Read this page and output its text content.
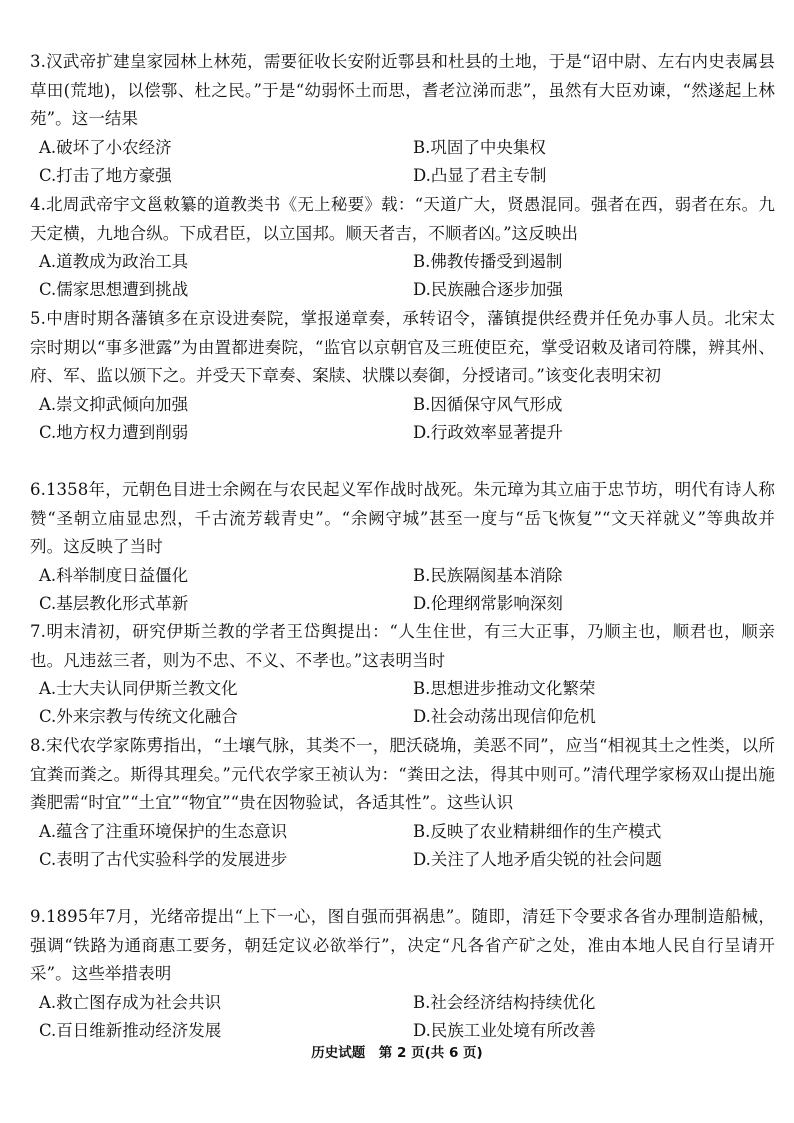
3.汉武帝扩建皇家园林上林苑，需要征收长安附近鄠县和杜县的土地，于是“诏中尉、左右内史表属县草田(荒地)，以偿鄠、杜之民。”于是“幼弱怀土而思，耆老泣涕而悲”，虽然有大臣劝谏，“然遂起上林苑”。这一结果

A.破坏了小农经济	B.巩固了中央集权
C.打击了地方豪强	D.凸显了君主专制

4.北周武帝宇文邕敕纂的道教类书《无上秘要》载：“天道广大，贤愚混同。强者在西，弱者在东。九天定横，九地合纵。下成君臣，以立国邦。顺天者吉，不顺者凶。”这反映出

A.道教成为政治工具	B.佛教传播受到遏制
C.儒家思想遭到挑战	D.民族融合逐步加强

5.中唐时期各藩镇多在京设进奏院，掌报递章奏，承转诏令，藩镇提供经费并任免办事人员。北宋太宗时期以“事多泄露”为由置都进奏院，“监官以京朝官及三班使臣充，掌受诏敕及诸司符牒，辨其州、府、军、监以颁下之。并受天下章奏、案牍、状牒以奏御，分授诸司。”该变化表明宋初

A.崇文抑武倾向加强	B.因循保守风气形成
C.地方权力遭到削弱	D.行政效率显著提升

6.1358年，元朝色目进士余阙在与农民起义军作战时战死。朱元璋为其立庙于忠节坊，明代有诗人称赞“圣朝立庙显忠烈，千古流芳载青史”。“余阙守城”甚至一度与“岳飞恢复”“文天祥就义”等典故并列。这反映了当时

A.科举制度日益僵化	B.民族隔阂基本消除
C.基层教化形式革新	D.伦理纲常影响深刻

7.明末清初，研究伊斯兰教的学者王岱舆提出：“人生住世，有三大正事，乃顺主也，顺君也，顺亲也。凡违兹三者，则为不忠、不义、不孝也。”这表明当时

A.士大夫认同伊斯兰教文化	B.思想进步推动文化繁荣
C.外来宗教与传统文化融合	D.社会动荡出现信仰危机

8.宋代农学家陈旉指出，“土壤气脉，其类不一，肥沃硗埆，美恶不同”，应当“相视其土之性类，以所宜粪而粪之。斯得其理矣。”元代农学家王祯认为：“粪田之法，得其中则可。”清代理学家杨双山提出施粪肥需“时宜”“土宜”“物宜”“贵在因物验试，各适其性”。这些认识

A.蕴含了注重环境保护的生态意识	B.反映了农业精耕细作的生产模式
C.表明了古代实验科学的发展进步	D.关注了人地矛盾尖锐的社会问题

9.1895年7月，光绪帝提出“上下一心，图自强而弭祸患”。随即，清廷下令要求各省办理制造船械，强调“铁路为通商惠工要务，朝廷定议必欲举行”，决定“凡各省产矿之处，准由本地人民自行呈请开采”。这些举措表明

A.救亡图存成为社会共识	B.社会经济结构持续优化
C.百日维新推动经济发展	D.民族工业处境有所改善
历史试题　第 2 页(共 6 页)
